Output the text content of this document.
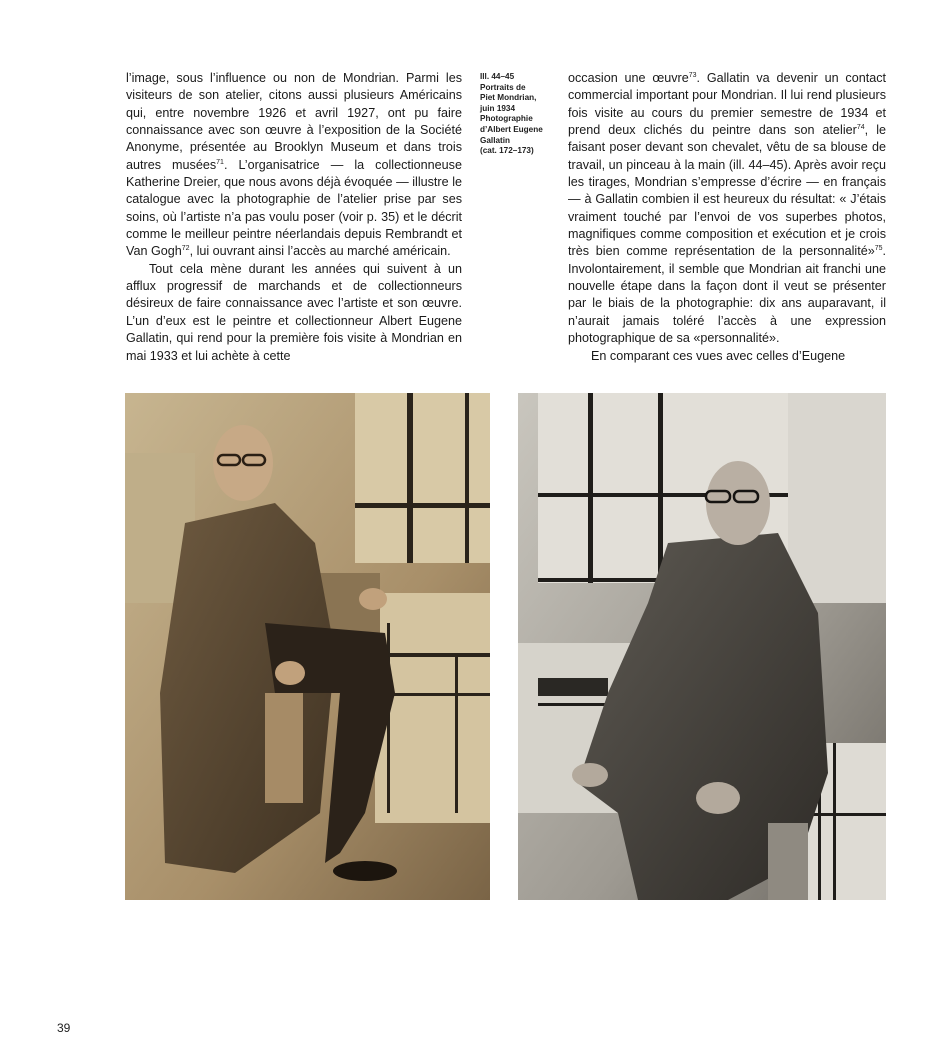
l’image, sous l’influence ou non de Mondrian. Parmi les visiteurs de son atelier, citons aussi plusieurs Américains qui, entre novembre 1926 et avril 1927, ont pu faire connaissance avec son œuvre à l’exposition de la Société Anonyme, présentée au Brooklyn Museum et dans trois autres musées$^{71}$. L’organisatrice — la collectionneuse Katherine Dreier, que nous avons déjà évoquée — illustre le catalogue avec la photographie de l’atelier prise par ses soins, où l’artiste n’a pas voulu poser (voir p. 35) et le décrit comme le meilleur peintre néerlandais depuis Rembrandt et Van Gogh$^{72}$, lui ouvrant ainsi l’accès au marché américain.

Tout cela mène durant les années qui suivent à un afflux progressif de marchands et de collectionneurs désireux de faire connaissance avec l’artiste et son œuvre. L’un d’eux est le peintre et collectionneur Albert Eugene Gallatin, qui rend pour la première fois visite à Mondrian en mai 1933 et lui achète à cette

Ill. 44–45
Portraits de
Piet Mondrian,
juin 1934
Photographie
d’Albert Eugene
Gallatin
(cat. 172–173)

occasion une œuvre$^{73}$. Gallatin va devenir un contact commercial important pour Mondrian. Il lui rend plusieurs fois visite au cours du premier semestre de 1934 et prend deux clichés du peintre dans son atelier$^{74}$, le faisant poser devant son chevalet, vêtu de sa blouse de travail, un pinceau à la main (ill. 44–45). Après avoir reçu les tirages, Mondrian s’empresse d’écrire — en français — à Gallatin combien il est heureux du résultat: « J’étais vraiment touché par l’envoi de vos superbes photos, magnifiques comme composition et exécution et je crois très bien comme représentation de la personnalité»$^{75}$. Involontairement, il semble que Mondrian ait franchi une nouvelle étape dans la façon dont il veut se présenter par le biais de la photographie: dix ans auparavant, il n’aurait jamais toléré l’accès à une expression photographique de sa «personnalité».

En comparant ces vues avec celles d’Eugene

39
